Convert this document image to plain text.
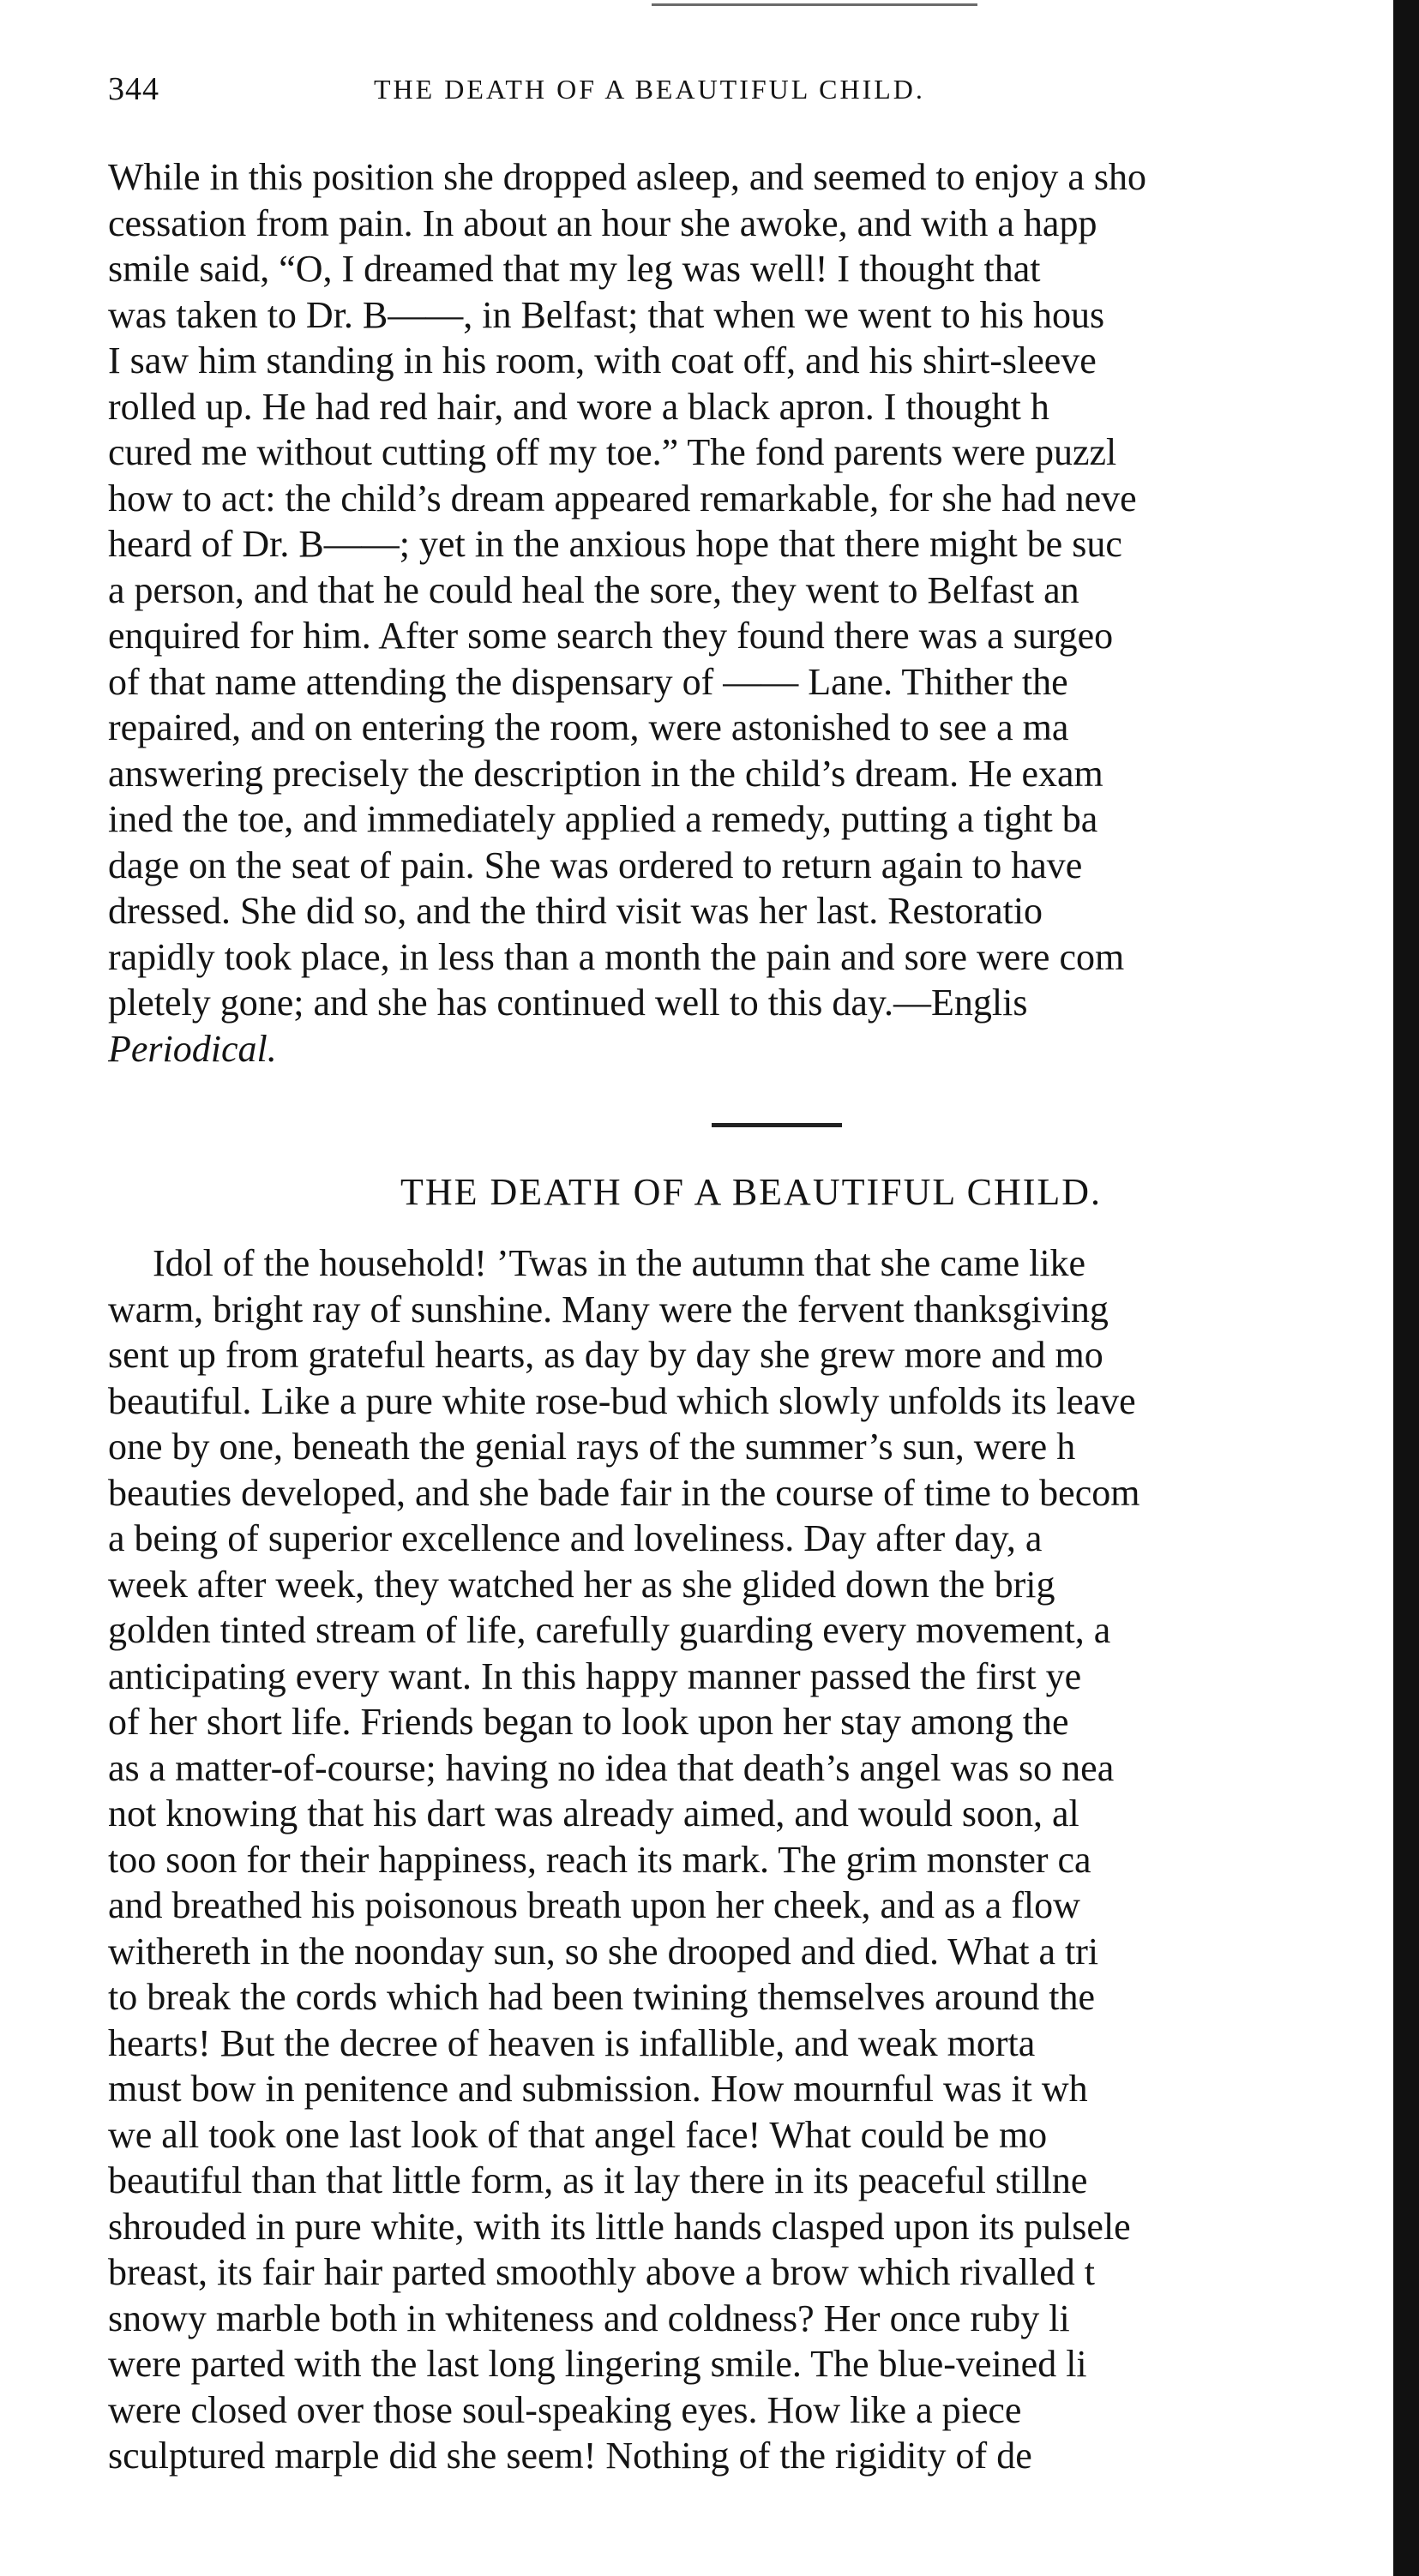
344	THE DEATH OF A BEAUTIFUL CHILD.
While in this position she dropped asleep, and seemed to enjoy a sho
cessation from pain. In about an hour she awoke, and with a happ
smile said, “O, I dreamed that my leg was well! I thought that
was taken to Dr. B——, in Belfast; that when we went to his hous
I saw him standing in his room, with coat off, and his shirt-sleeve
rolled up. He had red hair, and wore a black apron. I thought h
cured me without cutting off my toe.” The fond parents were puzzl
how to act: the child’s dream appeared remarkable, for she had neve
heard of Dr. B——; yet in the anxious hope that there might be suc
a person, and that he could heal the sore, they went to Belfast an
enquired for him. After some search they found there was a surgeo
of that name attending the dispensary of —— Lane. Thither the
repaired, and on entering the room, were astonished to see a ma
answering precisely the description in the child’s dream. He exam
ined the toe, and immediately applied a remedy, putting a tight ba
dage on the seat of pain. She was ordered to return again to have
dressed. She did so, and the third visit was her last. Restoratio
rapidly took place, in less than a month the pain and sore were com
pletely gone; and she has continued well to this day.—Englis
Periodical.
THE DEATH OF A BEAUTIFUL CHILD.
Idol of the household! ’Twas in the autumn that she came like
warm, bright ray of sunshine. Many were the fervent thanksgiving
sent up from grateful hearts, as day by day she grew more and mo
beautiful. Like a pure white rose-bud which slowly unfolds its leave
one by one, beneath the genial rays of the summer’s sun, were h
beauties developed, and she bade fair in the course of time to becom
a being of superior excellence and loveliness. Day after day, a
week after week, they watched her as she glided down the brig
golden tinted stream of life, carefully guarding every movement, a
anticipating every want. In this happy manner passed the first ye
of her short life. Friends began to look upon her stay among the
as a matter-of-course; having no idea that death’s angel was so nea
not knowing that his dart was already aimed, and would soon, al
too soon for their happiness, reach its mark. The grim monster ca
and breathed his poisonous breath upon her cheek, and as a flow
withereth in the noonday sun, so she drooped and died. What a tri
to break the cords which had been twining themselves around the
hearts! But the decree of heaven is infallible, and weak morta
must bow in penitence and submission. How mournful was it wh
we all took one last look of that angel face! What could be mo
beautiful than that little form, as it lay there in its peaceful stillne
shrouded in pure white, with its little hands clasped upon its pulsele
breast, its fair hair parted smoothly above a brow which rivalled t
snowy marble both in whiteness and coldness? Her once ruby li
were parted with the last long lingering smile. The blue-veined li
were closed over those soul-speaking eyes. How like a piece
sculptured marple did she seem! Nothing of the rigidity of de
